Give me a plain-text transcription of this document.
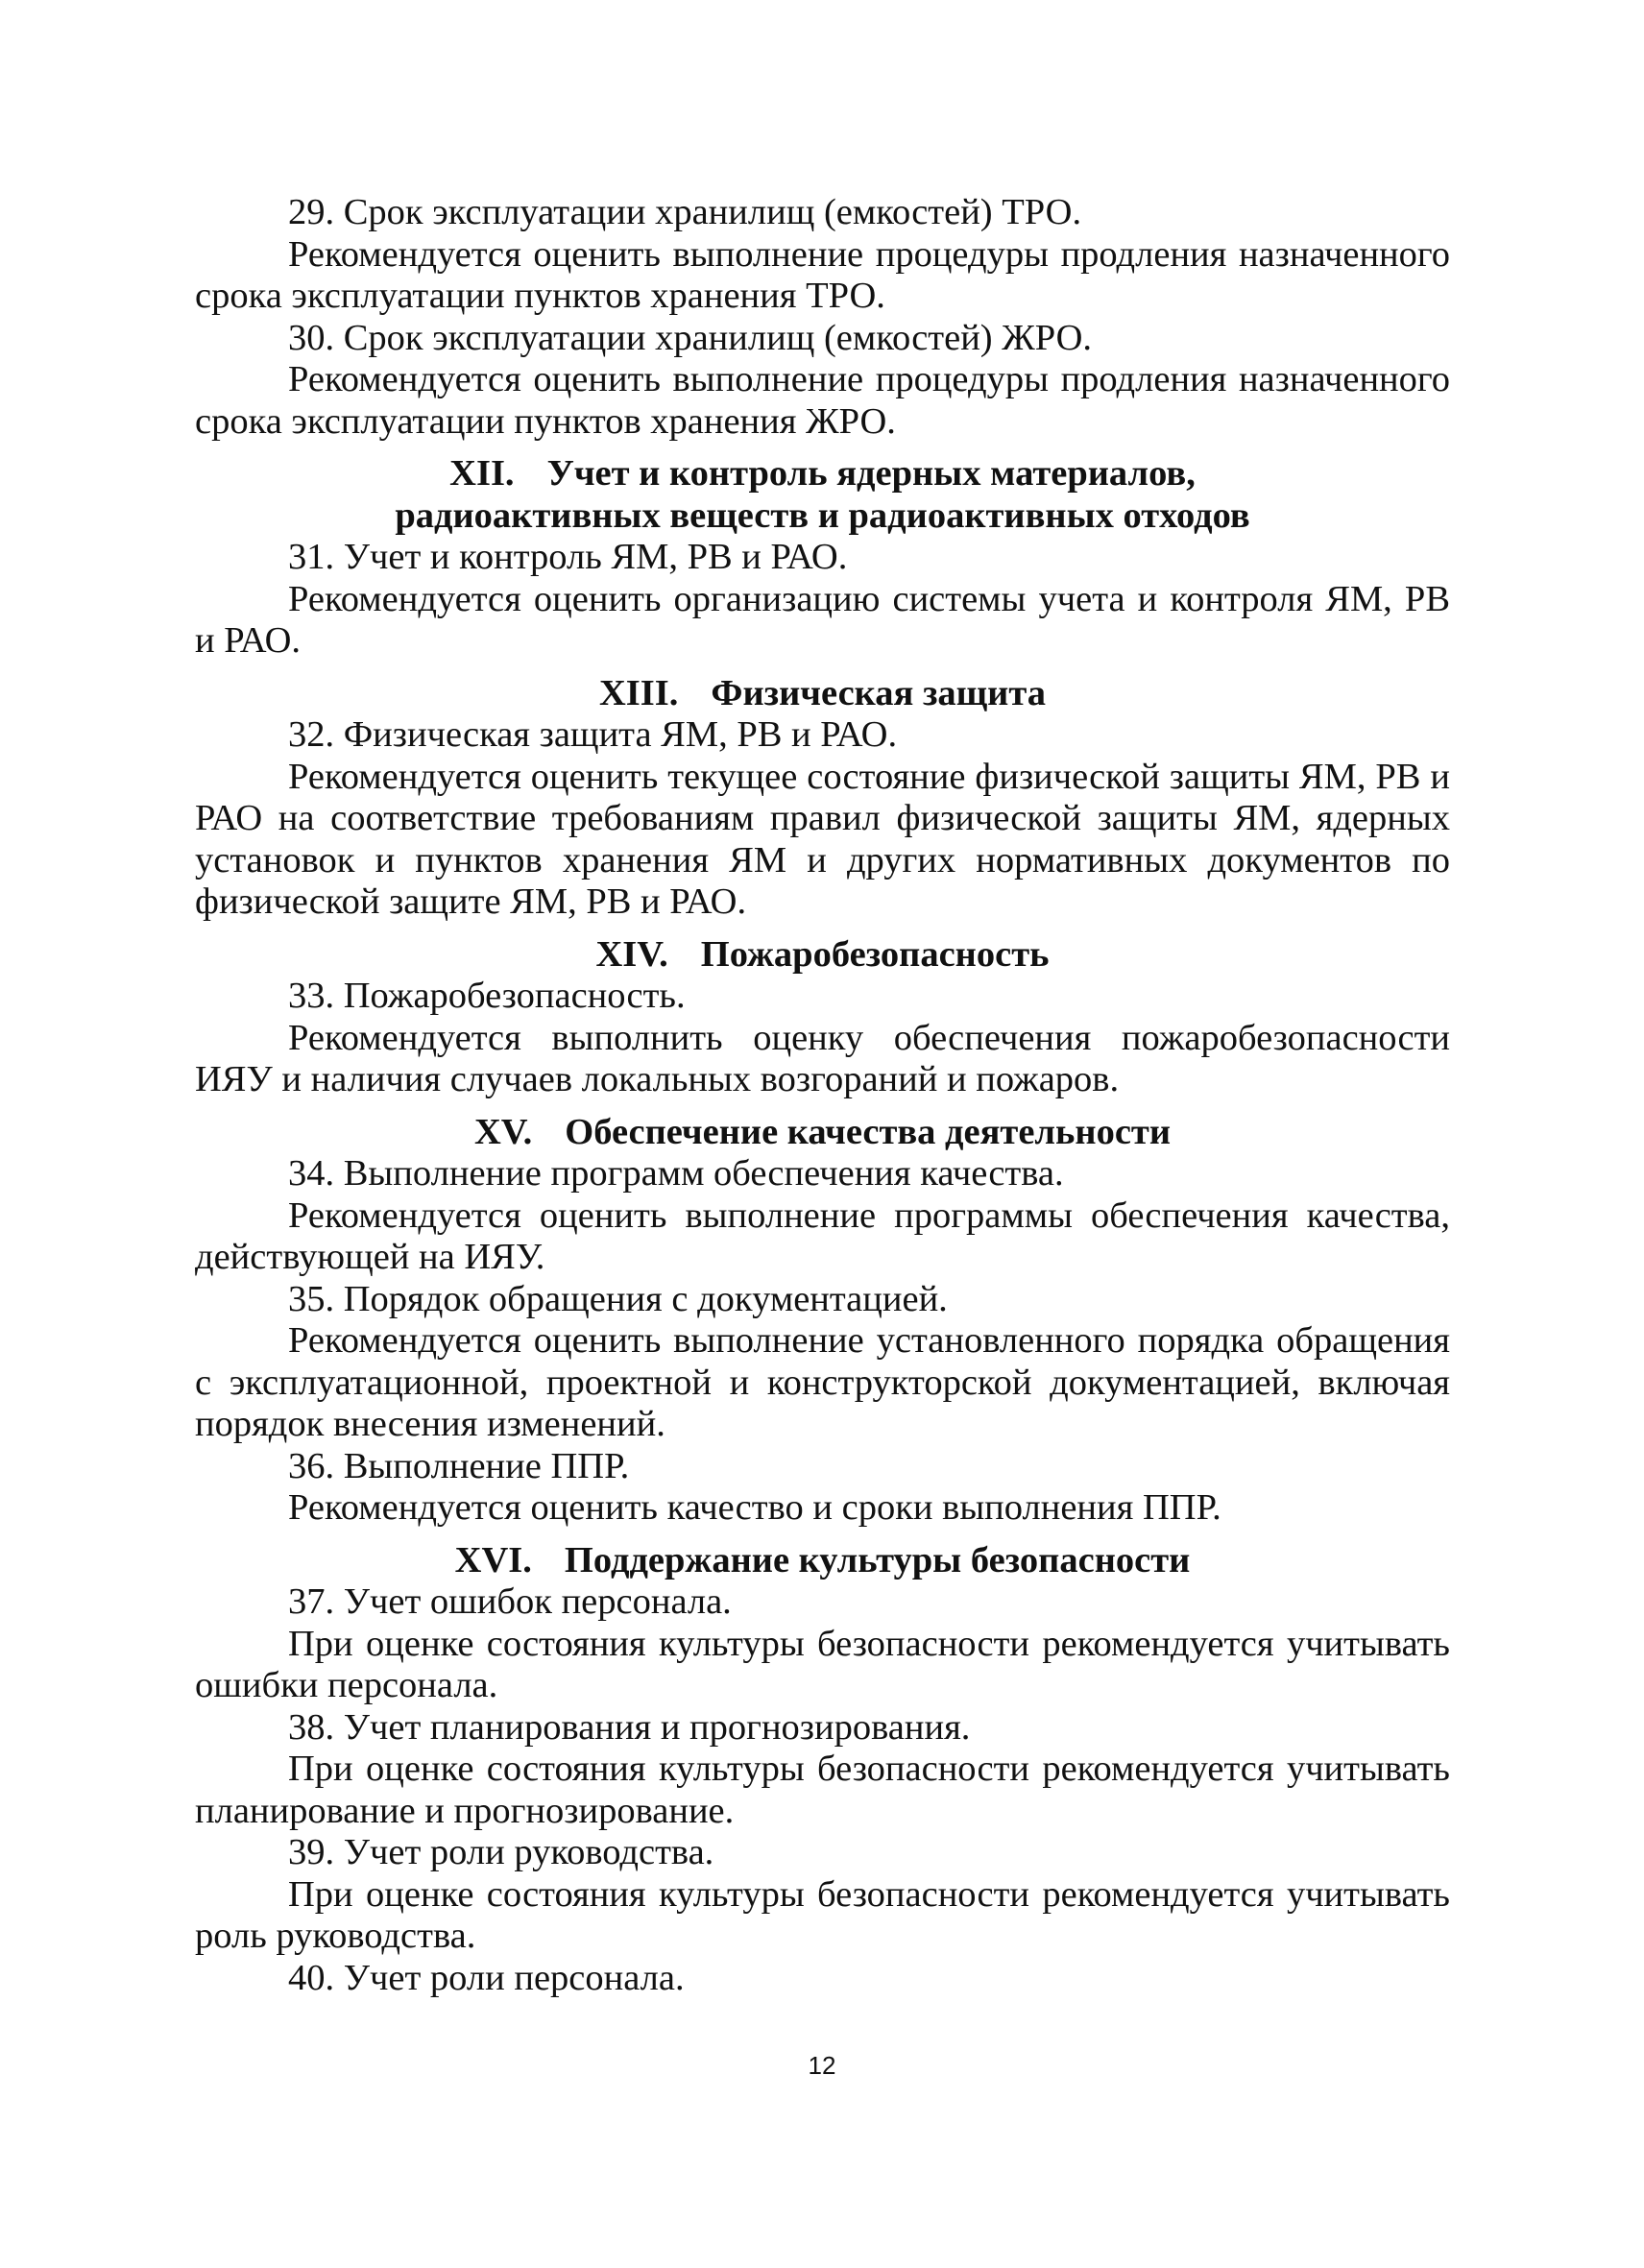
29. Срок эксплуатации хранилищ (емкостей) ТРО.

Рекомендуется оценить выполнение процедуры продления назначенного срока эксплуатации пунктов хранения ТРО.

30. Срок эксплуатации хранилищ (емкостей) ЖРО.

Рекомендуется оценить выполнение процедуры продления назначенного срока эксплуатации пунктов хранения ЖРО.

XII. Учет и контроль ядерных материалов,

радиоактивных веществ и радиоактивных отходов

31. Учет и контроль ЯМ, РВ и РАО.

Рекомендуется оценить организацию системы учета и контроля ЯМ, РВ и РАО.

XIII. Физическая защита

32. Физическая защита ЯМ, РВ и РАО.

Рекомендуется оценить текущее состояние физической защиты ЯМ, РВ и РАО на соответствие требованиям правил физической защиты ЯМ, ядерных установок и пунктов хранения ЯМ и других нормативных документов по физической защите ЯМ, РВ и РАО.

XIV. Пожаробезопасность

33. Пожаробезопасность.

Рекомендуется выполнить оценку обеспечения пожаробезопасности ИЯУ и наличия случаев локальных возгораний и пожаров.

XV. Обеспечение качества деятельности

34. Выполнение программ обеспечения качества.

Рекомендуется оценить выполнение программы обеспечения качества, действующей на ИЯУ.

35. Порядок обращения с документацией.

Рекомендуется оценить выполнение установленного порядка обращения с эксплуатационной, проектной и конструкторской документацией, включая порядок внесения изменений.

36. Выполнение ППР.

Рекомендуется оценить качество и сроки выполнения ППР.

XVI. Поддержание культуры безопасности

37. Учет ошибок персонала.

При оценке состояния культуры безопасности рекомендуется учитывать ошибки персонала.

38. Учет планирования и прогнозирования.

При оценке состояния культуры безопасности рекомендуется учитывать планирование и прогнозирование.

39. Учет роли руководства.

При оценке состояния культуры безопасности рекомендуется учитывать роль руководства.

40. Учет роли персонала.

12
